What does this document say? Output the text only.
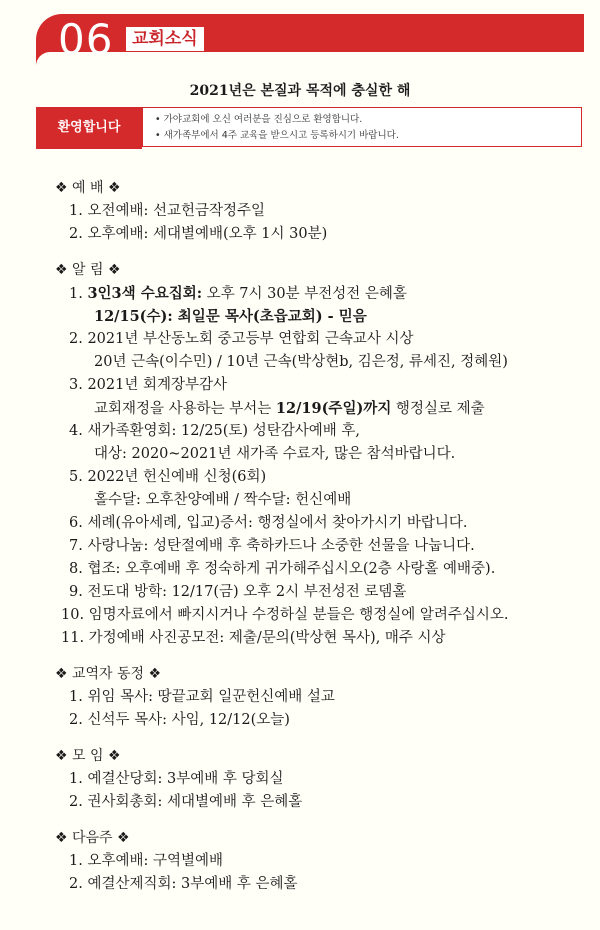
06	교회소식
2021년은 본질과 목적에 충실한 해
환영합니다
• 가야교회에 오신 여러분을 진심으로 환영합니다.
• 새가족부에서 4주 교육을 받으시고 등록하시기 바랍니다.
❖ 예 배 ❖
1. 오전예배: 선교헌금작정주일
2. 오후예배: 세대별예배(오후 1시 30분)
❖ 알 림 ❖
1. 3인3색 수요집회: 오후 7시 30분 부전성전 은혜홀
12/15(수): 최일문 목사(초읍교회) - 믿음
2. 2021년 부산동노회 중고등부 연합회 근속교사 시상
20년 근속(이수민) / 10년 근속(박상현b, 김은정, 류세진, 정혜원)
3. 2021년 회계장부감사
교회재정을 사용하는 부서는 12/19(주일)까지 행정실로 제출
4. 새가족환영회: 12/25(토) 성탄감사예배 후,
대상: 2020~2021년 새가족 수료자, 많은 참석바랍니다.
5. 2022년 헌신예배 신청(6회)
홀수달: 오후찬양예배 / 짝수달: 헌신예배
6. 세례(유아세례, 입교)증서: 행정실에서 찾아가시기 바랍니다.
7. 사랑나눔: 성탄절예배 후 축하카드나 소중한 선물을 나눕니다.
8. 협조: 오후예배 후 정숙하게 귀가해주십시오(2층 사랑홀 예배중).
9. 전도대 방학: 12/17(금) 오후 2시 부전성전 로뎀홀
10. 임명자료에서 빠지시거나 수정하실 분들은 행정실에 알려주십시오.
11. 가정예배 사진공모전: 제출/문의(박상현 목사), 매주 시상
❖ 교역자 동정 ❖
1. 위임 목사: 땅끝교회 일꾼헌신예배 설교
2. 신석두 목사: 사임, 12/12(오늘)
❖ 모 임 ❖
1. 예결산당회: 3부예배 후 당회실
2. 권사회총회: 세대별예배 후 은혜홀
❖ 다음주 ❖
1. 오후예배: 구역별예배
2. 예결산제직회: 3부예배 후 은혜홀
